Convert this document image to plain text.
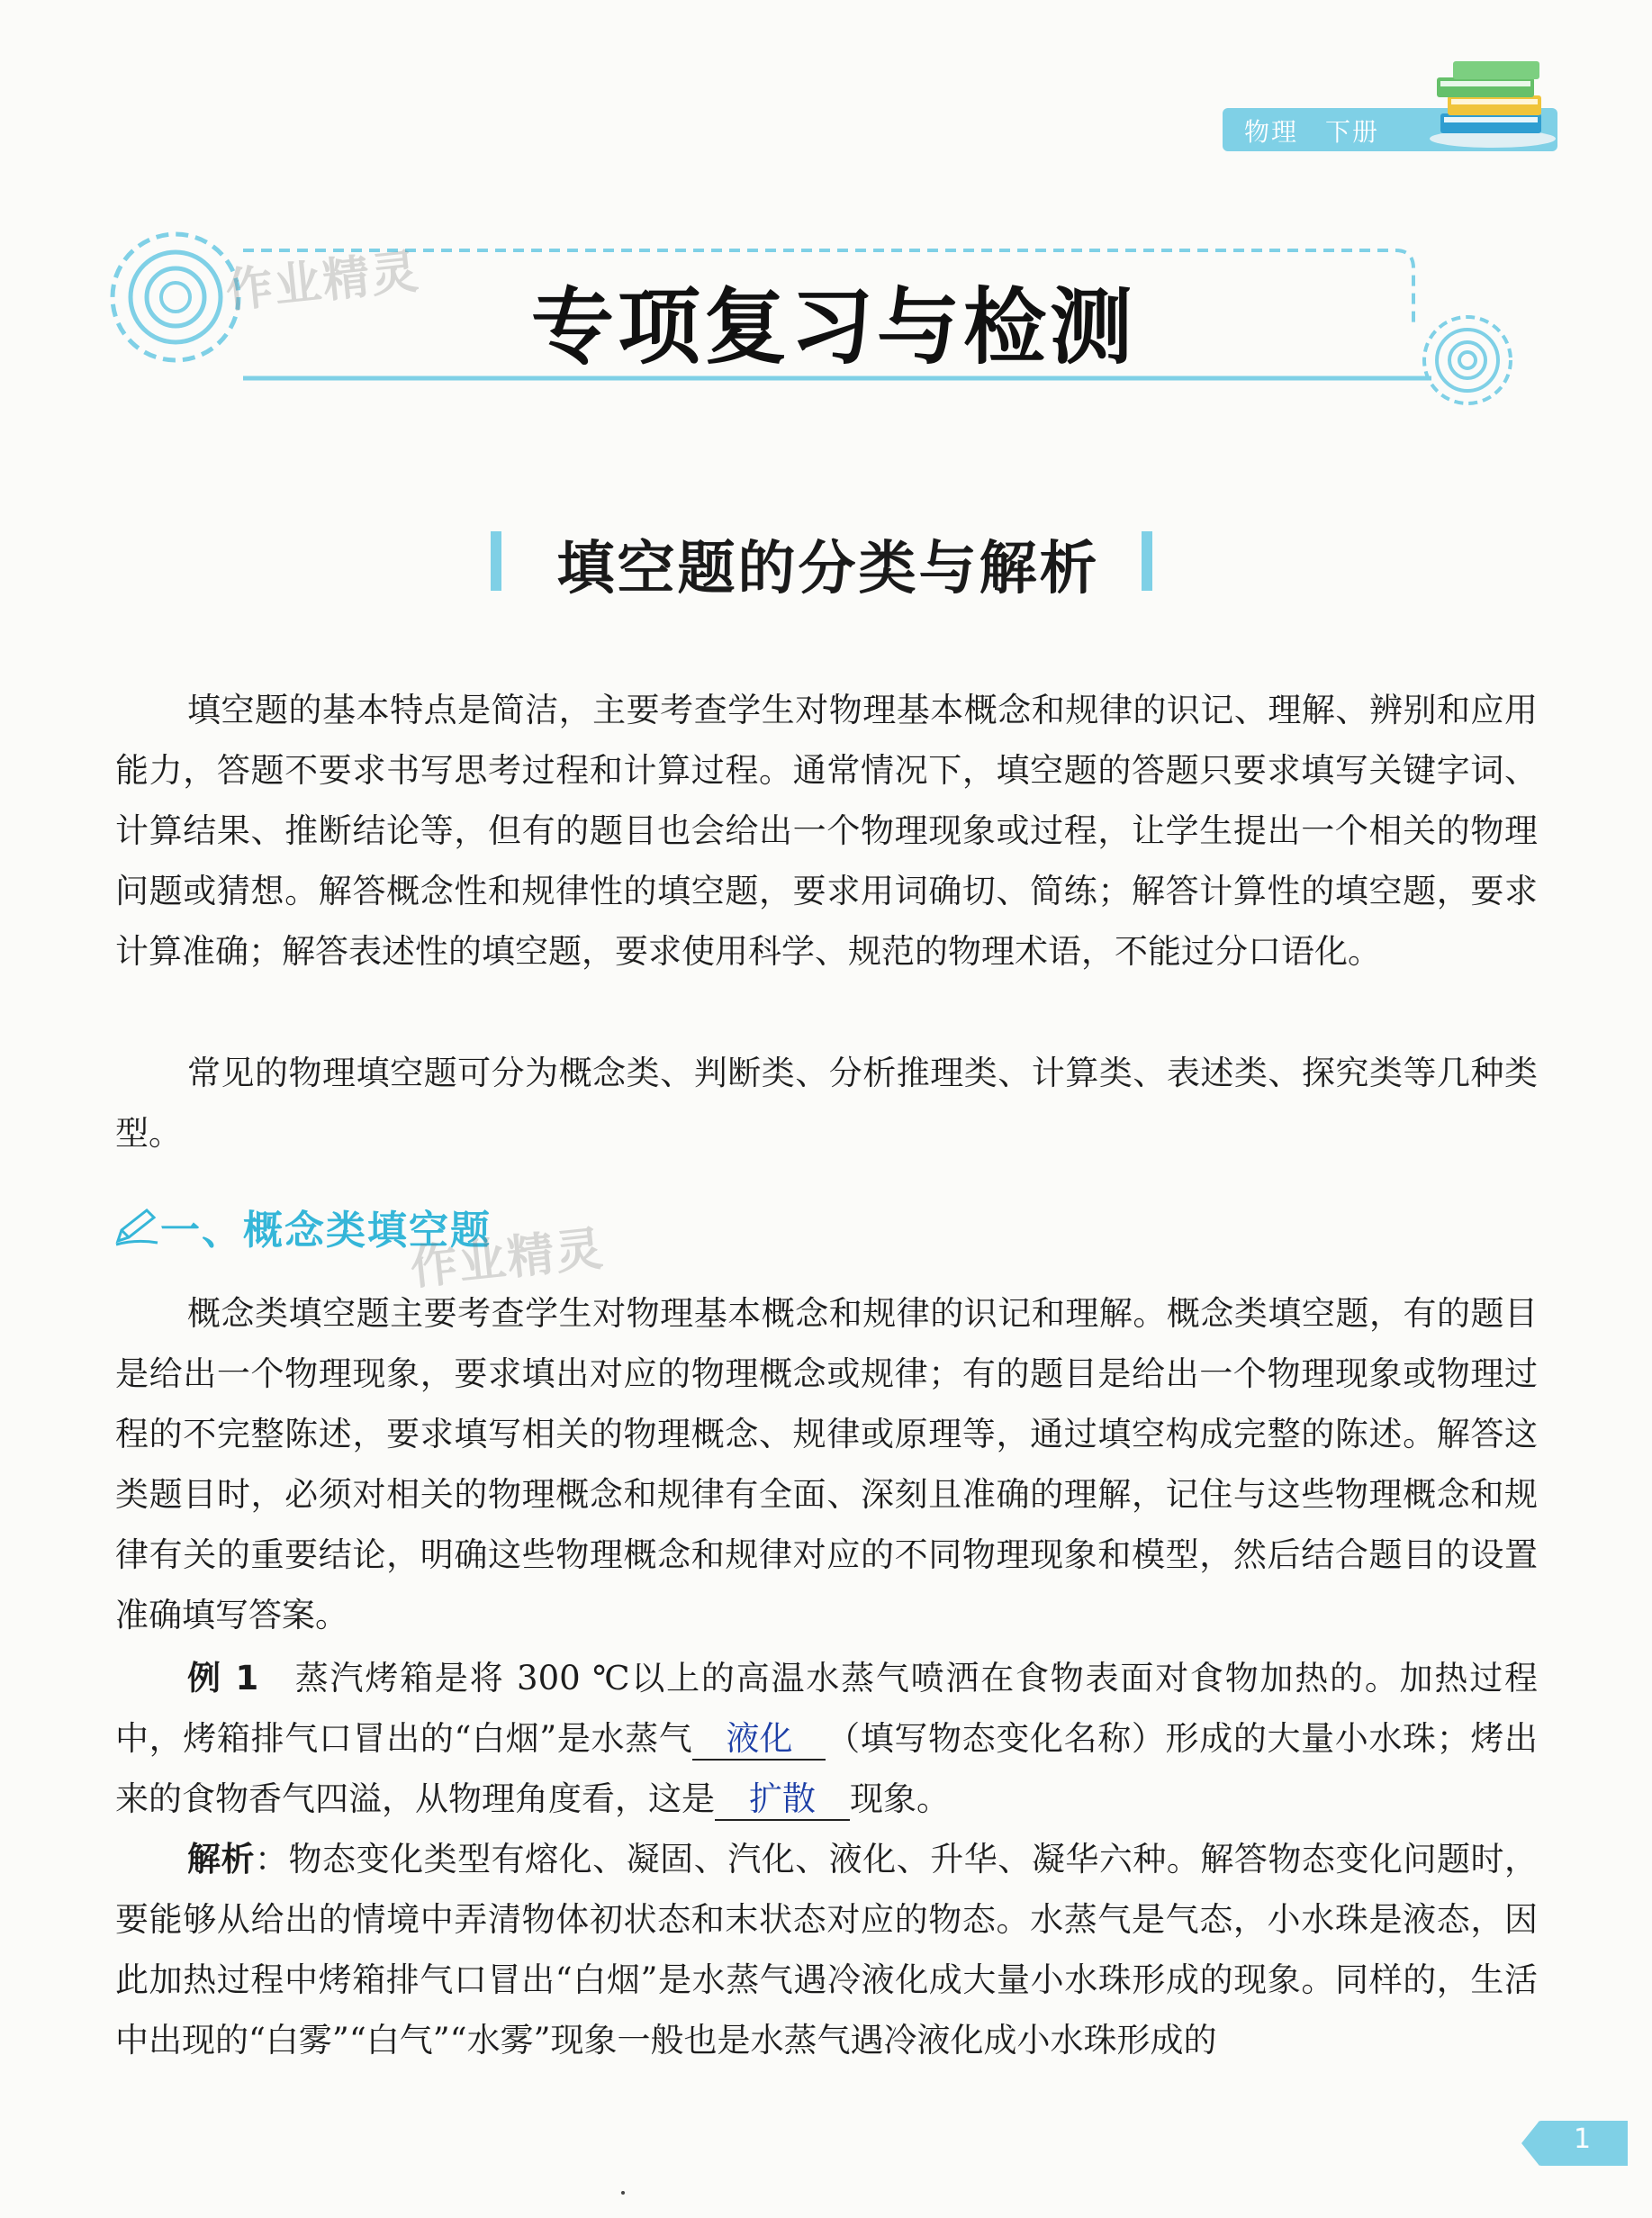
物理　下册
作业精灵 专项复习与检测
填空题的分类与解析
填空题的基本特点是简洁，主要考查学生对物理基本概念和规律的识记、理解、辨别和应用能力，答题不要求书写思考过程和计算过程。通常情况下，填空题的答题只要求填写关键字词、计算结果、推断结论等，但有的题目也会给出一个物理现象或过程，让学生提出一个相关的物理问题或猜想。解答概念性和规律性的填空题，要求用词确切、简练；解答计算性的填空题，要求计算准确；解答表述性的填空题，要求使用科学、规范的物理术语，不能过分口语化。
常见的物理填空题可分为概念类、判断类、分析推理类、计算类、表述类、探究类等几种类型。
一、概念类填空题
作业精灵
概念类填空题主要考查学生对物理基本概念和规律的识记和理解。概念类填空题，有的题目是给出一个物理现象，要求填出对应的物理概念或规律；有的题目是给出一个物理现象或物理过程的不完整陈述，要求填写相关的物理概念、规律或原理等，通过填空构成完整的陈述。解答这类题目时，必须对相关的物理概念和规律有全面、深刻且准确的理解，记住与这些物理概念和规律有关的重要结论，明确这些物理概念和规律对应的不同物理现象和模型，然后结合题目的设置准确填写答案。
例 1　蒸汽烤箱是将 300 ℃以上的高温水蒸气喷洒在食物表面对食物加热的。加热过程中，烤箱排气口冒出的“白烟”是水蒸气 液化 （填写物态变化名称）形成的大量小水珠；烤出来的食物香气四溢，从物理角度看，这是 扩散 现象。
解析：物态变化类型有熔化、凝固、汽化、液化、升华、凝华六种。解答物态变化问题时，要能够从给出的情境中弄清物体初状态和末状态对应的物态。水蒸气是气态，小水珠是液态，因此加热过程中烤箱排气口冒出“白烟”是水蒸气遇冷液化成大量小水珠形成的现象。同样的，生活中出现的“白雾”“白气”“水雾”现象一般也是水蒸气遇冷液化成小水珠形成的
1
